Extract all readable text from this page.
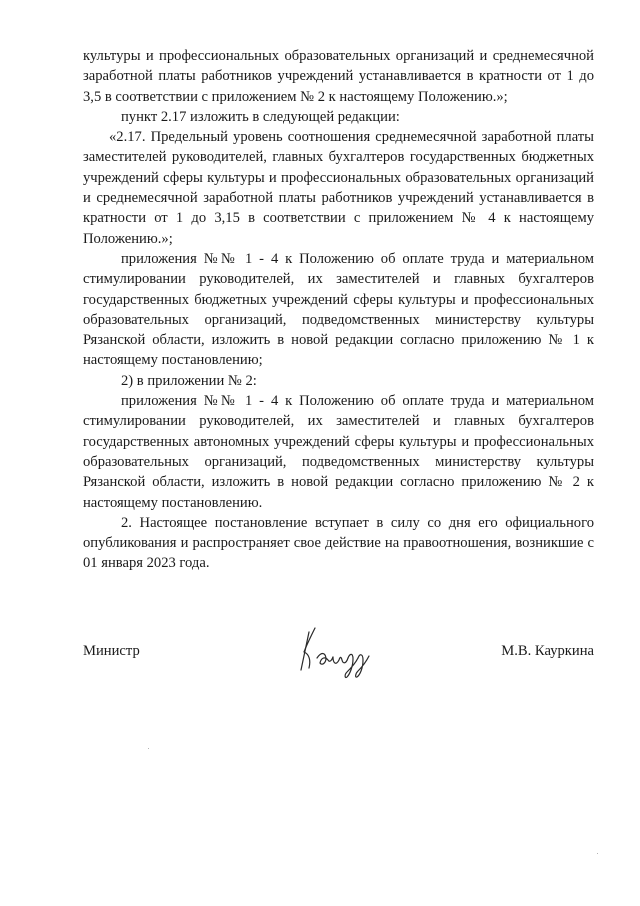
культуры и профессиональных образовательных организаций и среднемесячной заработной платы работников учреждений устанавливается в кратности от 1 до 3,5 в соответствии с приложением № 2 к настоящему Положению.»;

пункт 2.17 изложить в следующей редакции:

«2.17. Предельный уровень соотношения среднемесячной заработной платы заместителей руководителей, главных бухгалтеров государственных бюджетных учреждений сферы культуры и профессиональных образовательных организаций и среднемесячной заработной платы работников учреждений устанавливается в кратности от 1 до 3,15 в соответствии с приложением № 4 к настоящему Положению.»;

приложения №№ 1 - 4 к Положению об оплате труда и материальном стимулировании руководителей, их заместителей и главных бухгалтеров государственных бюджетных учреждений сферы культуры и профессиональных образовательных организаций, подведомственных министерству культуры Рязанской области, изложить в новой редакции согласно приложению № 1 к настоящему постановлению;

2) в приложении № 2:

приложения №№ 1 - 4 к Положению об оплате труда и материальном стимулировании руководителей, их заместителей и главных бухгалтеров государственных автономных учреждений сферы культуры и профессиональных образовательных организаций, подведомственных министерству культуры Рязанской области, изложить в новой редакции согласно приложению № 2 к настоящему постановлению.

2. Настоящее постановление вступает в силу со дня его официального опубликования и распространяет свое действие на правоотношения, возникшие с 01 января 2023 года.

Министр	М.В. Кауркина
